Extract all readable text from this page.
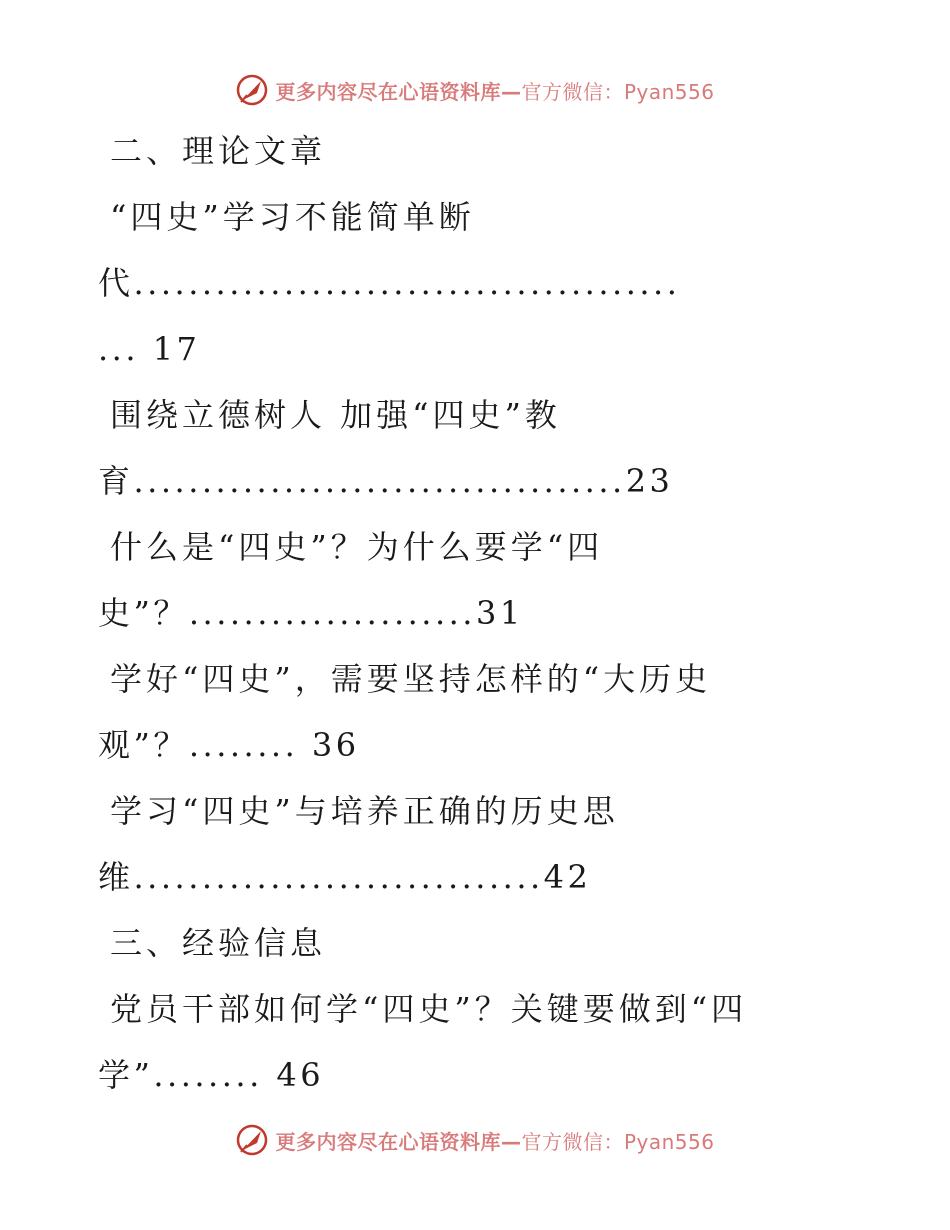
更多内容尽在心语资料库—官方微信：Pyan556
二、理论文章
“四史”学习不能简单断
代........................................
... 17
围绕立德树人 加强“四史”教
育....................................23
什么是“四史”？为什么要学“四
史”？.....................31
学好“四史”，需要坚持怎样的“大历史
观”？........ 36
学习“四史”与培养正确的历史思
维..............................42
三、经验信息
党员干部如何学“四史”？关键要做到“四
学”........ 46
更多内容尽在心语资料库—官方微信：Pyan556
